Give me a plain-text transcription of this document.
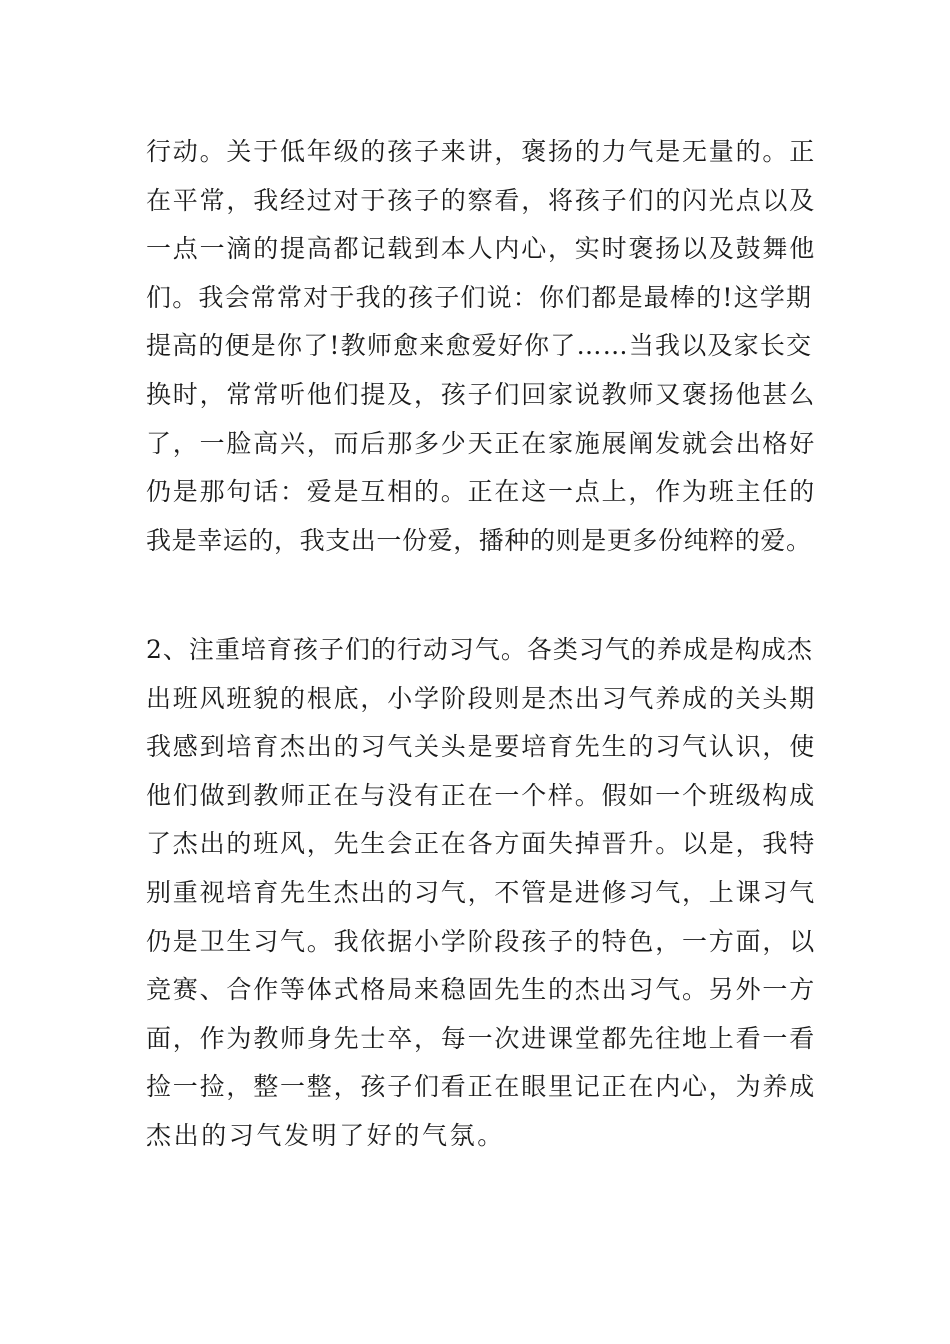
行动。关于低年级的孩子来讲，褒扬的力气是无量的。正
在平常，我经过对于孩子的察看，将孩子们的闪光点以及
一点一滴的提高都记载到本人内心，实时褒扬以及鼓舞他
们。我会常常对于我的孩子们说：你们都是最棒的!这学期
提高的便是你了!教师愈来愈爱好你了……当我以及家长交
换时，常常听他们提及，孩子们回家说教师又褒扬他甚么
了，一脸高兴，而后那多少天正在家施展阐发就会出格好
仍是那句话：爱是互相的。正在这一点上，作为班主任的
我是幸运的，我支出一份爱，播种的则是更多份纯粹的爱。
2、注重培育孩子们的行动习气。各类习气的养成是构成杰
出班风班貌的根底，小学阶段则是杰出习气养成的关头期
我感到培育杰出的习气关头是要培育先生的习气认识，使
他们做到教师正在与没有正在一个样。假如一个班级构成
了杰出的班风，先生会正在各方面失掉晋升。以是，我特
别重视培育先生杰出的习气，不管是进修习气，上课习气
仍是卫生习气。我依据小学阶段孩子的特色，一方面，以
竞赛、合作等体式格局来稳固先生的杰出习气。另外一方
面，作为教师身先士卒，每一次进课堂都先往地上看一看
捡一捡，整一整，孩子们看正在眼里记正在内心，为养成
杰出的习气发明了好的气氛。
